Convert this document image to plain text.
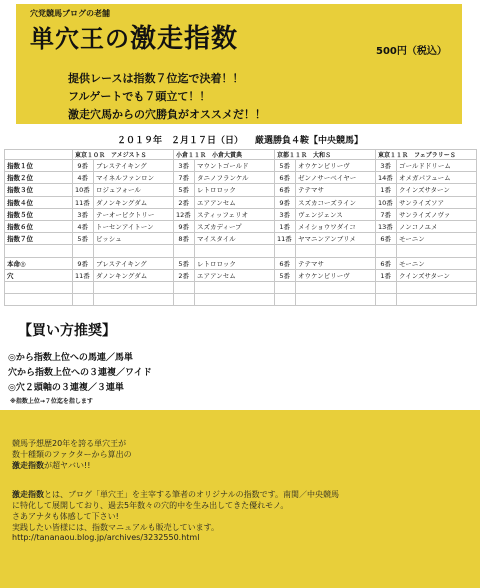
穴党競馬ブログの老舗
単穴王の激走指数	500円（税込）
提供レースは指数７位迄で決着！！
フルゲートでも７頭立て！！
激走穴馬からの穴勝負がオススメだ！！
２０１９年　２月１７日（日） 厳選勝負４鞍【中央競馬】
	東京１０Ｒ　アメジストＳ		小倉１１Ｒ　小倉大賞典		京都１１Ｒ　大和Ｓ		東京１１Ｒ　フェブラリーＳ	
指数１位	9番	ブレステイキング	3番	マウントゴールド	5番	オウケンビリーヴ	3番	ゴールドドリーム
指数２位	4番	マイネルファンロン	7番	タニノフランケル	6番	ゼンノサーベイヤー	14番	オメガパフューム
指数３位	10番	ロジュフォール	5番	レトロロック	6番	テテマサ	1番	クインズサターン
指数４位	11番	ダノンキングダム	2番	エアアンセム	9番	スズカコーズライン	10番	サンライズソア
指数５位	3番	テーオービクトリー	12番	スティッフェリオ	3番	ヴェンジェンス	7番	サンライズノヴァ
指数６位	4番	トーセンアイトーン	9番	スズカディープ	1番	メイショウワダイコ	13番	ノンコノユメ
指数７位	5番	ビッシュ	8番	マイスタイル	11番	ヤマニンアンブリメ	6番	モーニン

本命◎	9番	ブレステイキング	5番	レトロロック	6番	テテマサ	6番	モーニン
穴	11番	ダノンキングダム	2番	エアアンセム	5番	オウケンビリーヴ	1番	クインズサターン

【買い方推奨】
◎から指数上位への馬連／馬単
穴から指数上位への３連複／ワイド
◎穴２頭軸の３連複／３連単
※指数上位→７位迄を指します
競馬予想歴20年を誇る単穴王が
数十種類のファクターから算出の
激走指数が超ヤバい!!
激走指数とは、ブログ「単穴王」を主宰する筆者のオリジナルの指数です。南関／中央競馬
に特化して展開しており、過去5年数々の穴的中を生み出してきた優れモノ。
さあアナタも体感して下さい!
実践したい皆様には、指数マニュアルも販売しています。
http://tananaou.blog.jp/archives/3232550.html
